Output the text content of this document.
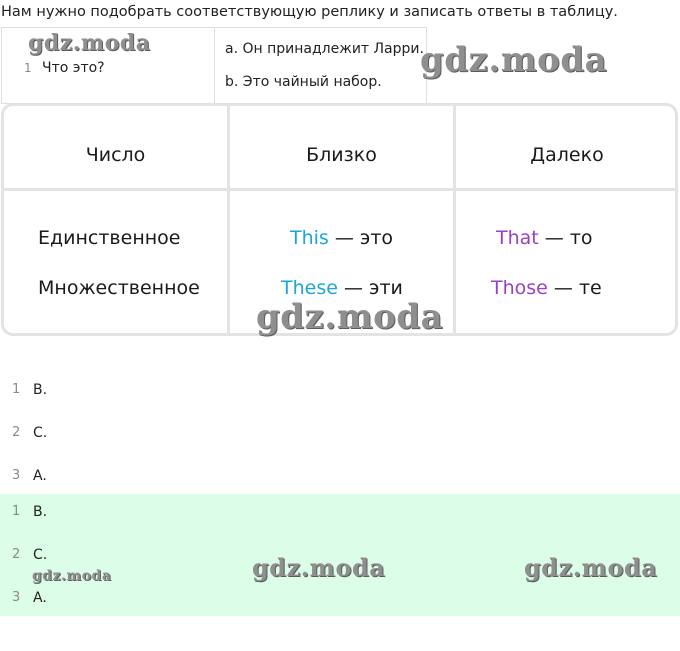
Нам нужно подобрать соответствующую реплику и записать ответы в таблицу.
1 Что это?
a. Он принадлежит Ларри.
b. Это чайный набор.
Число	Близко	Далеко
Единственное	This — это	That — то
Множественное	These — эти	Those — те
1 B.
2 C.
3 A.
1 B.
2 C.
3 A.
gdz.moda	gdz.moda
gdz.moda
gdz.moda	gdz.moda	gdz.moda
